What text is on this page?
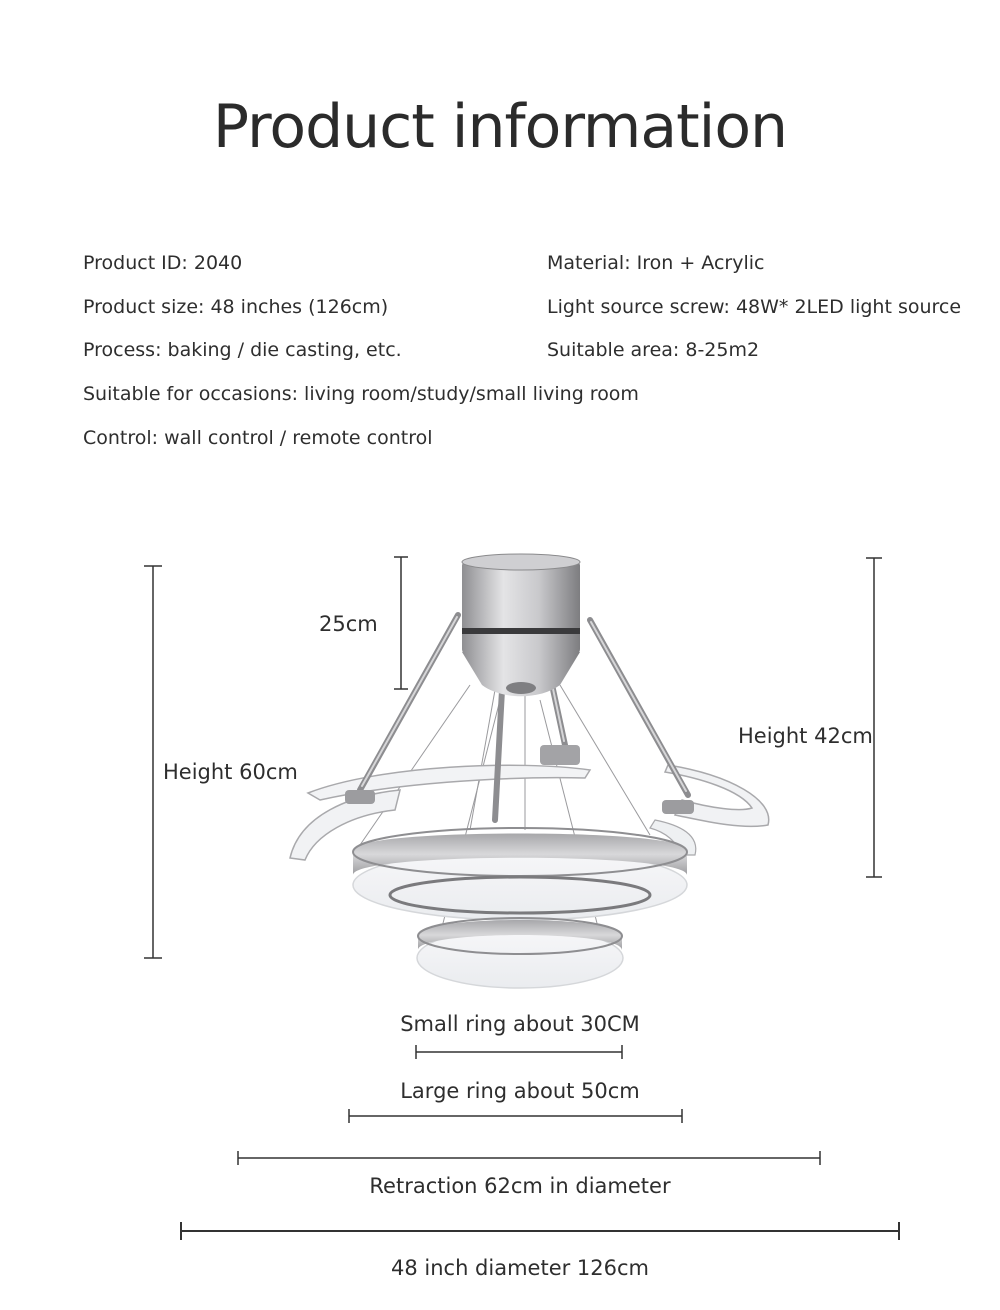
Product information
Product ID: 2040	Material: Iron + Acrylic
Product size: 48 inches (126cm)	Light source screw: 48W* 2LED light source
Process: baking / die casting, etc.	Suitable area: 8-25m2
Suitable for occasions: living room/study/small living room
Control: wall control / remote control
25cm
Height 60cm
Height 42cm
Small ring about 30CM
Large ring about 50cm
Retraction 62cm in diameter
48 inch diameter 126cm
